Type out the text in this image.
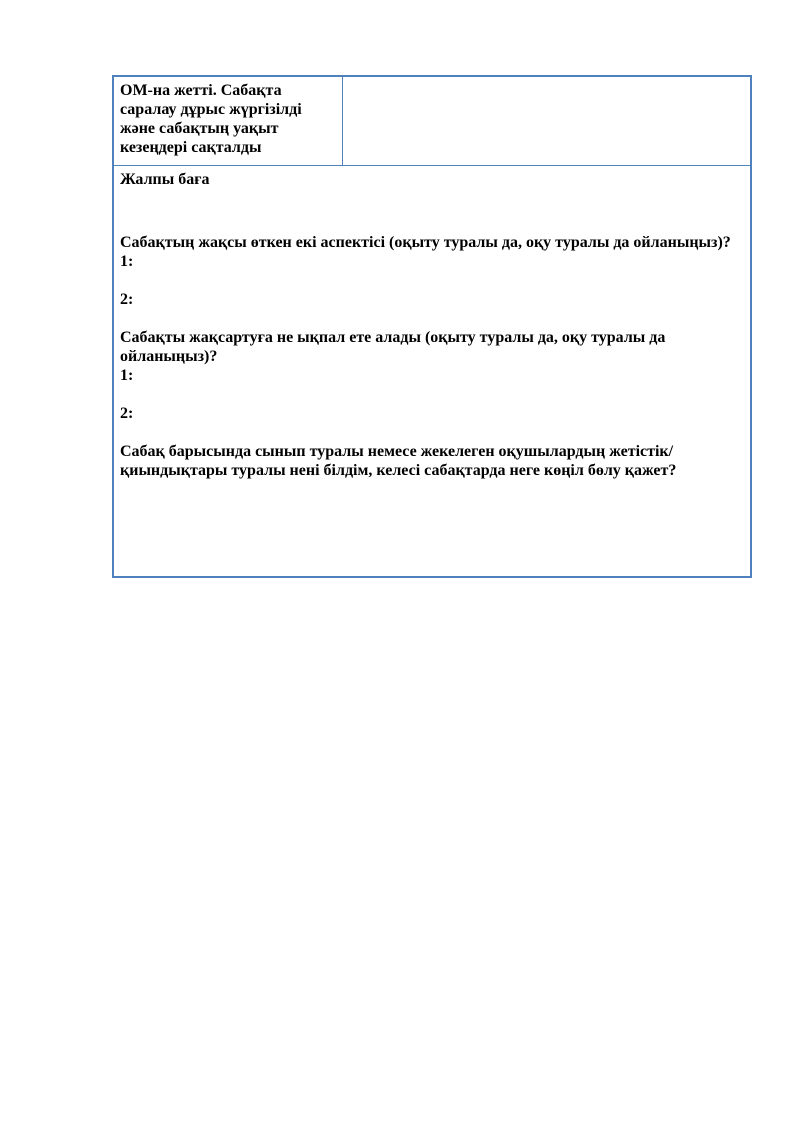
ОМ-на жетті. Сабақта саралау дұрыс жүргізілді және сабақтың уақыт кезеңдері сақталды
Жалпы баға
Сабақтың жақсы өткен екі аспектісі (оқыту туралы да, оқу туралы да ойланыңыз)?
1:
2:
Сабақты жақсартуға не ықпал ете алады (оқыту туралы да, оқу туралы да ойланыңыз)?
1:
2:
Сабақ барысында сынып туралы немесе жекелеген оқушылардың жетістік/қиындықтары туралы нені білдім, келесі сабақтарда неге көңіл бөлу қажет?
